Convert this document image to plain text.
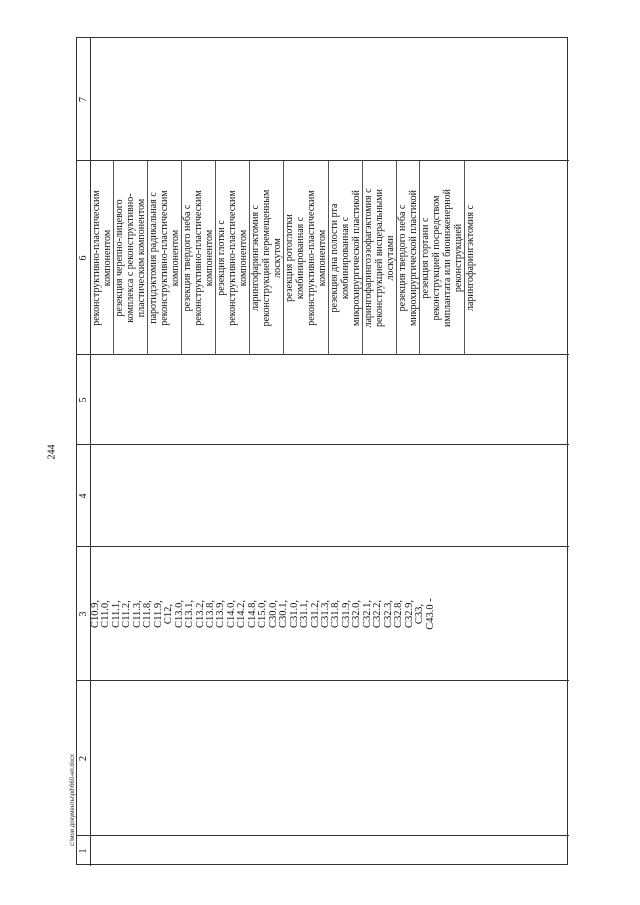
244
c:\мои документы\pd\660-нп.docx
1
2
3
4
5
6
7
C10.9, C11.0, C11.1, C11.2, C11.3, C11.8, C11.9, C12, C13.0, C13.1, C13.2, C13.8, C13.9, C14.0, C14.2, C14.8, C15.0, C30.0, C30.1, C31.0, C31.1, C31.2, C31.3, C31.8, C31.9, C32.0, C32.1, C32.2, C32.3, C32.8, C32.9, C33, C43.0 -
реконструктивно-пластическим компонентом резекция черепно-лицевого комплекса с реконструктивно- пластическим компонентом паротидэктомия радикальная с реконструктивно-пластическим компонентом резекция твердого неба с реконструктивно-пластическим компонентом резекция глотки с реконструктивно-пластическим компонентом ларингофарингэктомия с реконструкцией перемещенным лоскутом резекция ротоглотки комбинированная с реконструктивно-пластическим компонентом резекция дна полости рта комбинированная с микрохирургической пластикой ларингофарингоэзофагэктомия с реконструкцией висцеральными лоскутами резекция твердого неба с микрохирургической пластикой резекция гортани с реконструкцией посредством имплантата или биоинженерной реконструкцией ларингофарингэктомия с
